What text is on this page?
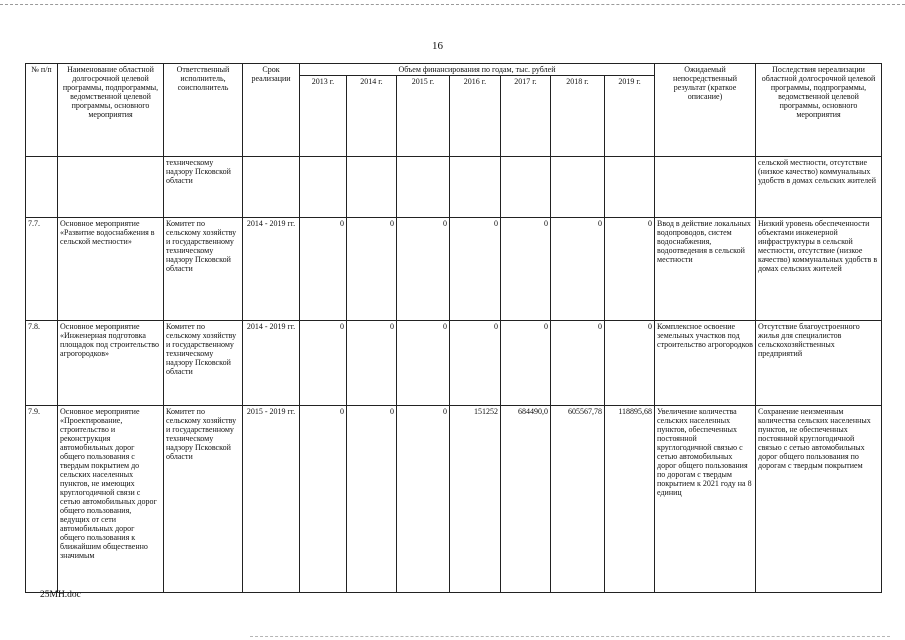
16
№ п/п	Наименование областной долгосрочной целевой программы, подпрограммы, ведомственной целевой программы, основного мероприятия	Ответственный исполнитель, соисполнитель	Срок реализации	Объем финансирования по годам, тыс. рублей							Ожидаемый непосредственный результат (краткое описание)	Последствия нереализации областной долгосрочной целевой программы, подпрограммы, ведомственной целевой программы, основного мероприятия
				2013 г.	2014 г.	2015 г.	2016 г.	2017 г.	2018 г.	2019 г.		
		техническому надзору Псковской области										сельской местности, отсутствие (низкое качество) коммунальных удобств в домах сельских жителей
7.7.	Основное мероприятие «Развитие водоснабжения в сельской местности»	Комитет по сельскому хозяйству и государственному техническому надзору Псковской области	2014 - 2019 гг.	0	0	0	0	0	0	0	Ввод в действие локальных водопроводов, систем водоснабжения, водоотведения в сельской местности	Низкий уровень обеспеченности объектами инженерной инфраструктуры в сельской местности, отсутствие (низкое качество) коммунальных удобств в домах сельских жителей
7.8.	Основное мероприятие «Инженерная подготовка площадок под строительство агрогородков»	Комитет по сельскому хозяйству и государственному техническому надзору Псковской области	2014 - 2019 гг.	0	0	0	0	0	0	0	Комплексное освоение земельных участков под строительство агрогородков	Отсутствие благоустроенного жилья для специалистов сельскохозяйственных предприятий
7.9.	Основное мероприятие «Проектирование, строительство и реконструкция автомобильных дорог общего пользования с твердым покрытием до сельских населенных пунктов, не имеющих круглогодичной связи с сетью автомобильных дорог общего пользования, ведущих от сети автомобильных дорог общего пользования к ближайшим общественно значимым	Комитет по сельскому хозяйству и государственному техническому надзору Псковской области	2015 - 2019 гг.	0	0	0	151252	684490,0	605567,78	118895,68	Увеличение количества сельских населенных пунктов, обеспеченных постоянной круглогодичной связью с сетью автомобильных дорог общего пользования по дорогам с твердым покрытием к 2021 году на 8 единиц	Сохранение неизменным количества сельских населенных пунктов, не обеспеченных постоянной круглогодичной связью с сетью автомобильных дорог общего пользования по дорогам с твердым покрытием
25MH.doc
